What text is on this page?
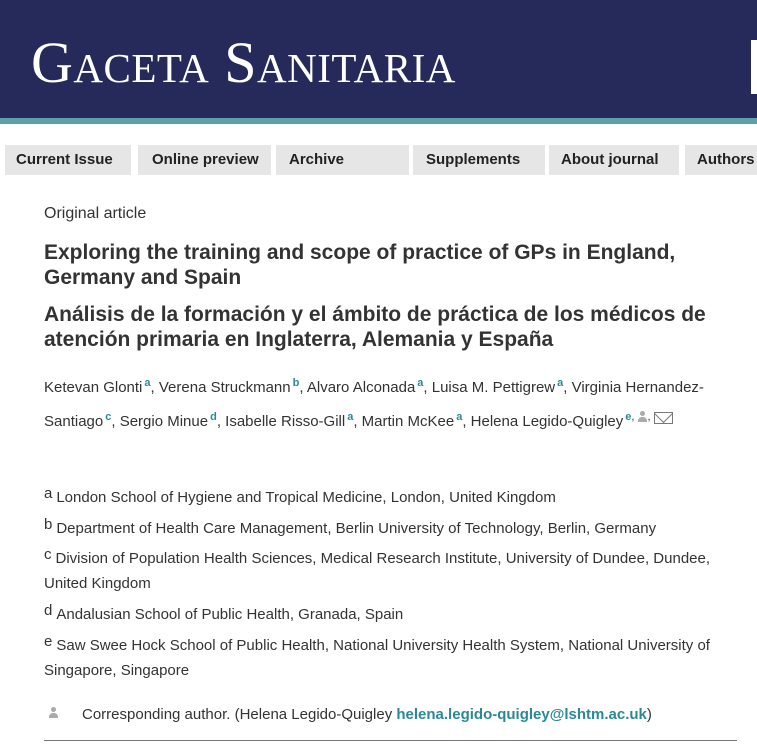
Gaceta Sanitaria
Current Issue	Online preview	Archive	Supplements	About journal	Authors
Original article
Exploring the training and scope of practice of GPs in England, Germany and Spain
Análisis de la formación y el ámbito de práctica de los médicos de atención primaria en Inglaterra, Alemania y España
Ketevan Glonti $^a$, Verena Struckmann $^b$, Alvaro Alconada $^a$, Luisa M. Pettigrew $^a$, Virginia Hernandez-Santiago $^c$, Sergio Minue $^d$, Isabelle Risso-Gill $^a$, Martin McKee $^a$, Helena Legido-Quigley $^{e,}$ ,
a London School of Hygiene and Tropical Medicine, London, United Kingdom
b Department of Health Care Management, Berlin University of Technology, Berlin, Germany
c Division of Population Health Sciences, Medical Research Institute, University of Dundee, Dundee, United Kingdom
d Andalusian School of Public Health, Granada, Spain
e Saw Swee Hock School of Public Health, National University Health System, National University of Singapore, Singapore
Corresponding author. (Helena Legido-Quigley helena.legido-quigley@lshtm.ac.uk)
